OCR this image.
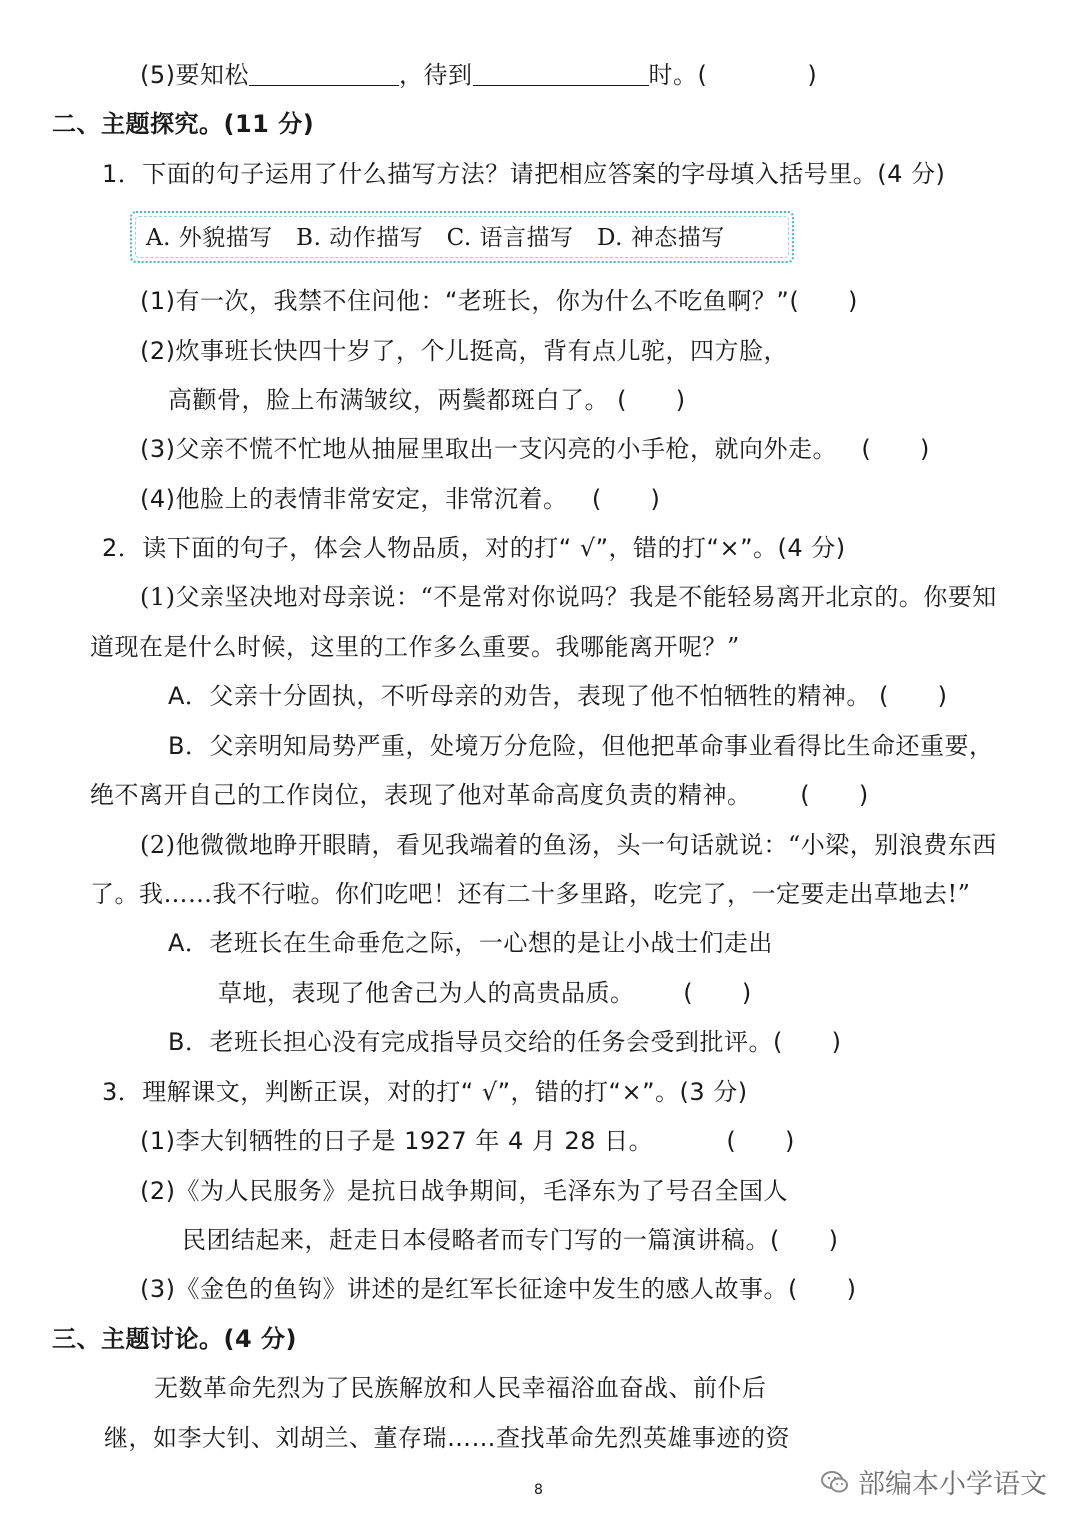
(5)要知松	，待到	时。(	)
二、主题探究。(11 分)
1．下面的句子运用了什么描写方法？请把相应答案的字母填入括号里。(4 分)
A. 外貌描写   B. 动作描写   C. 语言描写   D. 神态描写
(1)有一次，我禁不住问他：“老班长，你为什么不吃鱼啊？”(      )
(2)炊事班长快四十岁了，个儿挺高，背有点儿驼，四方脸，
高颧骨，脸上布满皱纹，两鬓都斑白了。 (      )
(3)父亲不慌不忙地从抽屉里取出一支闪亮的小手枪，就向外走。   (      )
(4)他脸上的表情非常安定，非常沉着。   (      )
2．读下面的句子，体会人物品质，对的打“ √”，错的打“×”。(4 分)
(1)父亲坚决地对母亲说：“不是常对你说吗？我是不能轻易离开北京的。你要知
道现在是什么时候，这里的工作多么重要。我哪能离开呢？”
A．父亲十分固执，不听母亲的劝告，表现了他不怕牺牲的精神。 (      )
B．父亲明知局势严重，处境万分危险，但他把革命事业看得比生命还重要，
绝不离开自己的工作岗位，表现了他对革命高度负责的精神。      (      )
(2)他微微地睁开眼睛，看见我端着的鱼汤，头一句话就说：“小梁，别浪费东西
了。我……我不行啦。你们吃吧！还有二十多里路，吃完了，一定要走出草地去!”
A．老班长在生命垂危之际，一心想的是让小战士们走出
草地，表现了他舍己为人的高贵品质。      (      )
B．老班长担心没有完成指导员交给的任务会受到批评。(      )
3．理解课文，判断正误，对的打“ √”，错的打“×”。(3 分)
(1)李大钊牺牲的日子是 1927 年 4 月 28 日。         (      )
(2)《为人民服务》是抗日战争期间，毛泽东为了号召全国人
民团结起来，赶走日本侵略者而专门写的一篇演讲稿。(      )
(3)《金色的鱼钩》讲述的是红军长征途中发生的感人故事。(      )
三、主题讨论。(4 分)
无数革命先烈为了民族解放和人民幸福浴血奋战、前仆后
继，如李大钊、刘胡兰、董存瑞……查找革命先烈英雄事迹的资
8	部编本小学语文
